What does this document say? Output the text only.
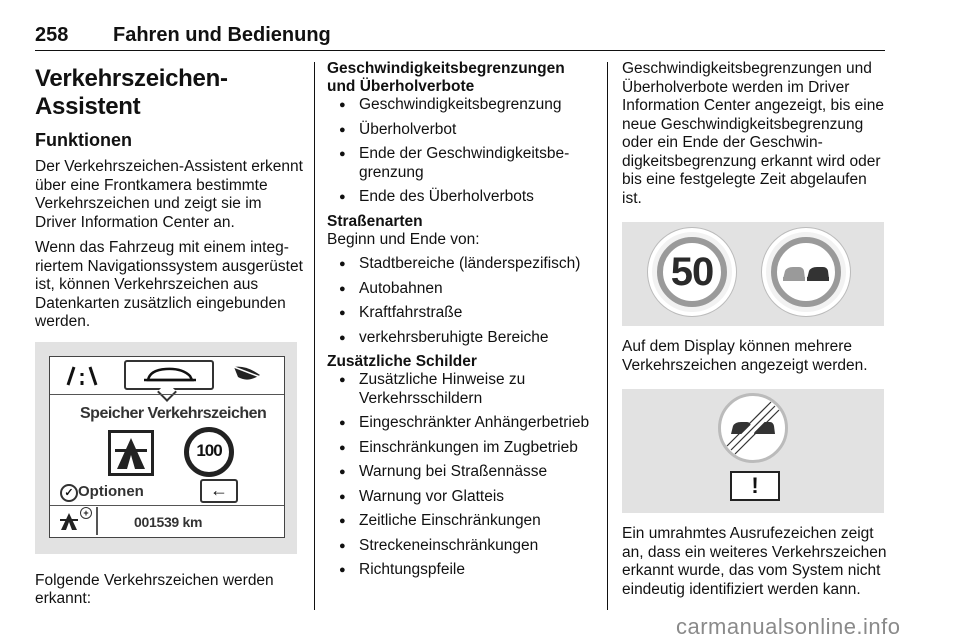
258 Fahren und Bedienung
Verkehrszeichen-Assistent
Funktionen

Der Verkehrszeichen-Assistent erkennt über eine Frontkamera bestimmte Verkehrszeichen und zeigt sie im Driver Information Center an.

Wenn das Fahrzeug mit einem integriertem Navigationssystem ausgerüstet ist, können Verkehrszeichen aus Datenkarten zusätzlich eingebunden werden.

Speicher Verkehrszeichen
100
✓ Optionen	←
+
001539 km

Folgende Verkehrszeichen werden erkannt:

Geschwindigkeitsbegrenzungen und Überholverbote
● Geschwindigkeitsbegrenzung
● Überholverbot
● Ende der Geschwindigkeitsbegrenzung
● Ende des Überholverbots
Straßenarten
Beginn und Ende von:
● Stadtbereiche (länderspezifisch)
● Autobahnen
● Kraftfahrstraße
● verkehrsberuhigte Bereiche
Zusätzliche Schilder
● Zusätzliche Hinweise zu Verkehrsschildern
● Eingeschränkter Anhängerbetrieb
● Einschränkungen im Zugbetrieb
● Warnung bei Straßennässe
● Warnung vor Glatteis
● Zeitliche Einschränkungen
● Streckeneinschränkungen
● Richtungspfeile

Geschwindigkeitsbegrenzungen und Überholverbote werden im Driver Information Center angezeigt, bis eine neue Geschwindigkeitsbegrenzung oder ein Ende der Geschwindigkeitsbegrenzung erkannt wird oder bis eine festgelegte Zeit abgelaufen ist.

50

Auf dem Display können mehrere Verkehrszeichen angezeigt werden.

!

Ein umrahmtes Ausrufezeichen zeigt an, dass ein weiteres Verkehrszeichen erkannt wurde, das vom System nicht eindeutig identifiziert werden kann.

carmanualsonline.info
